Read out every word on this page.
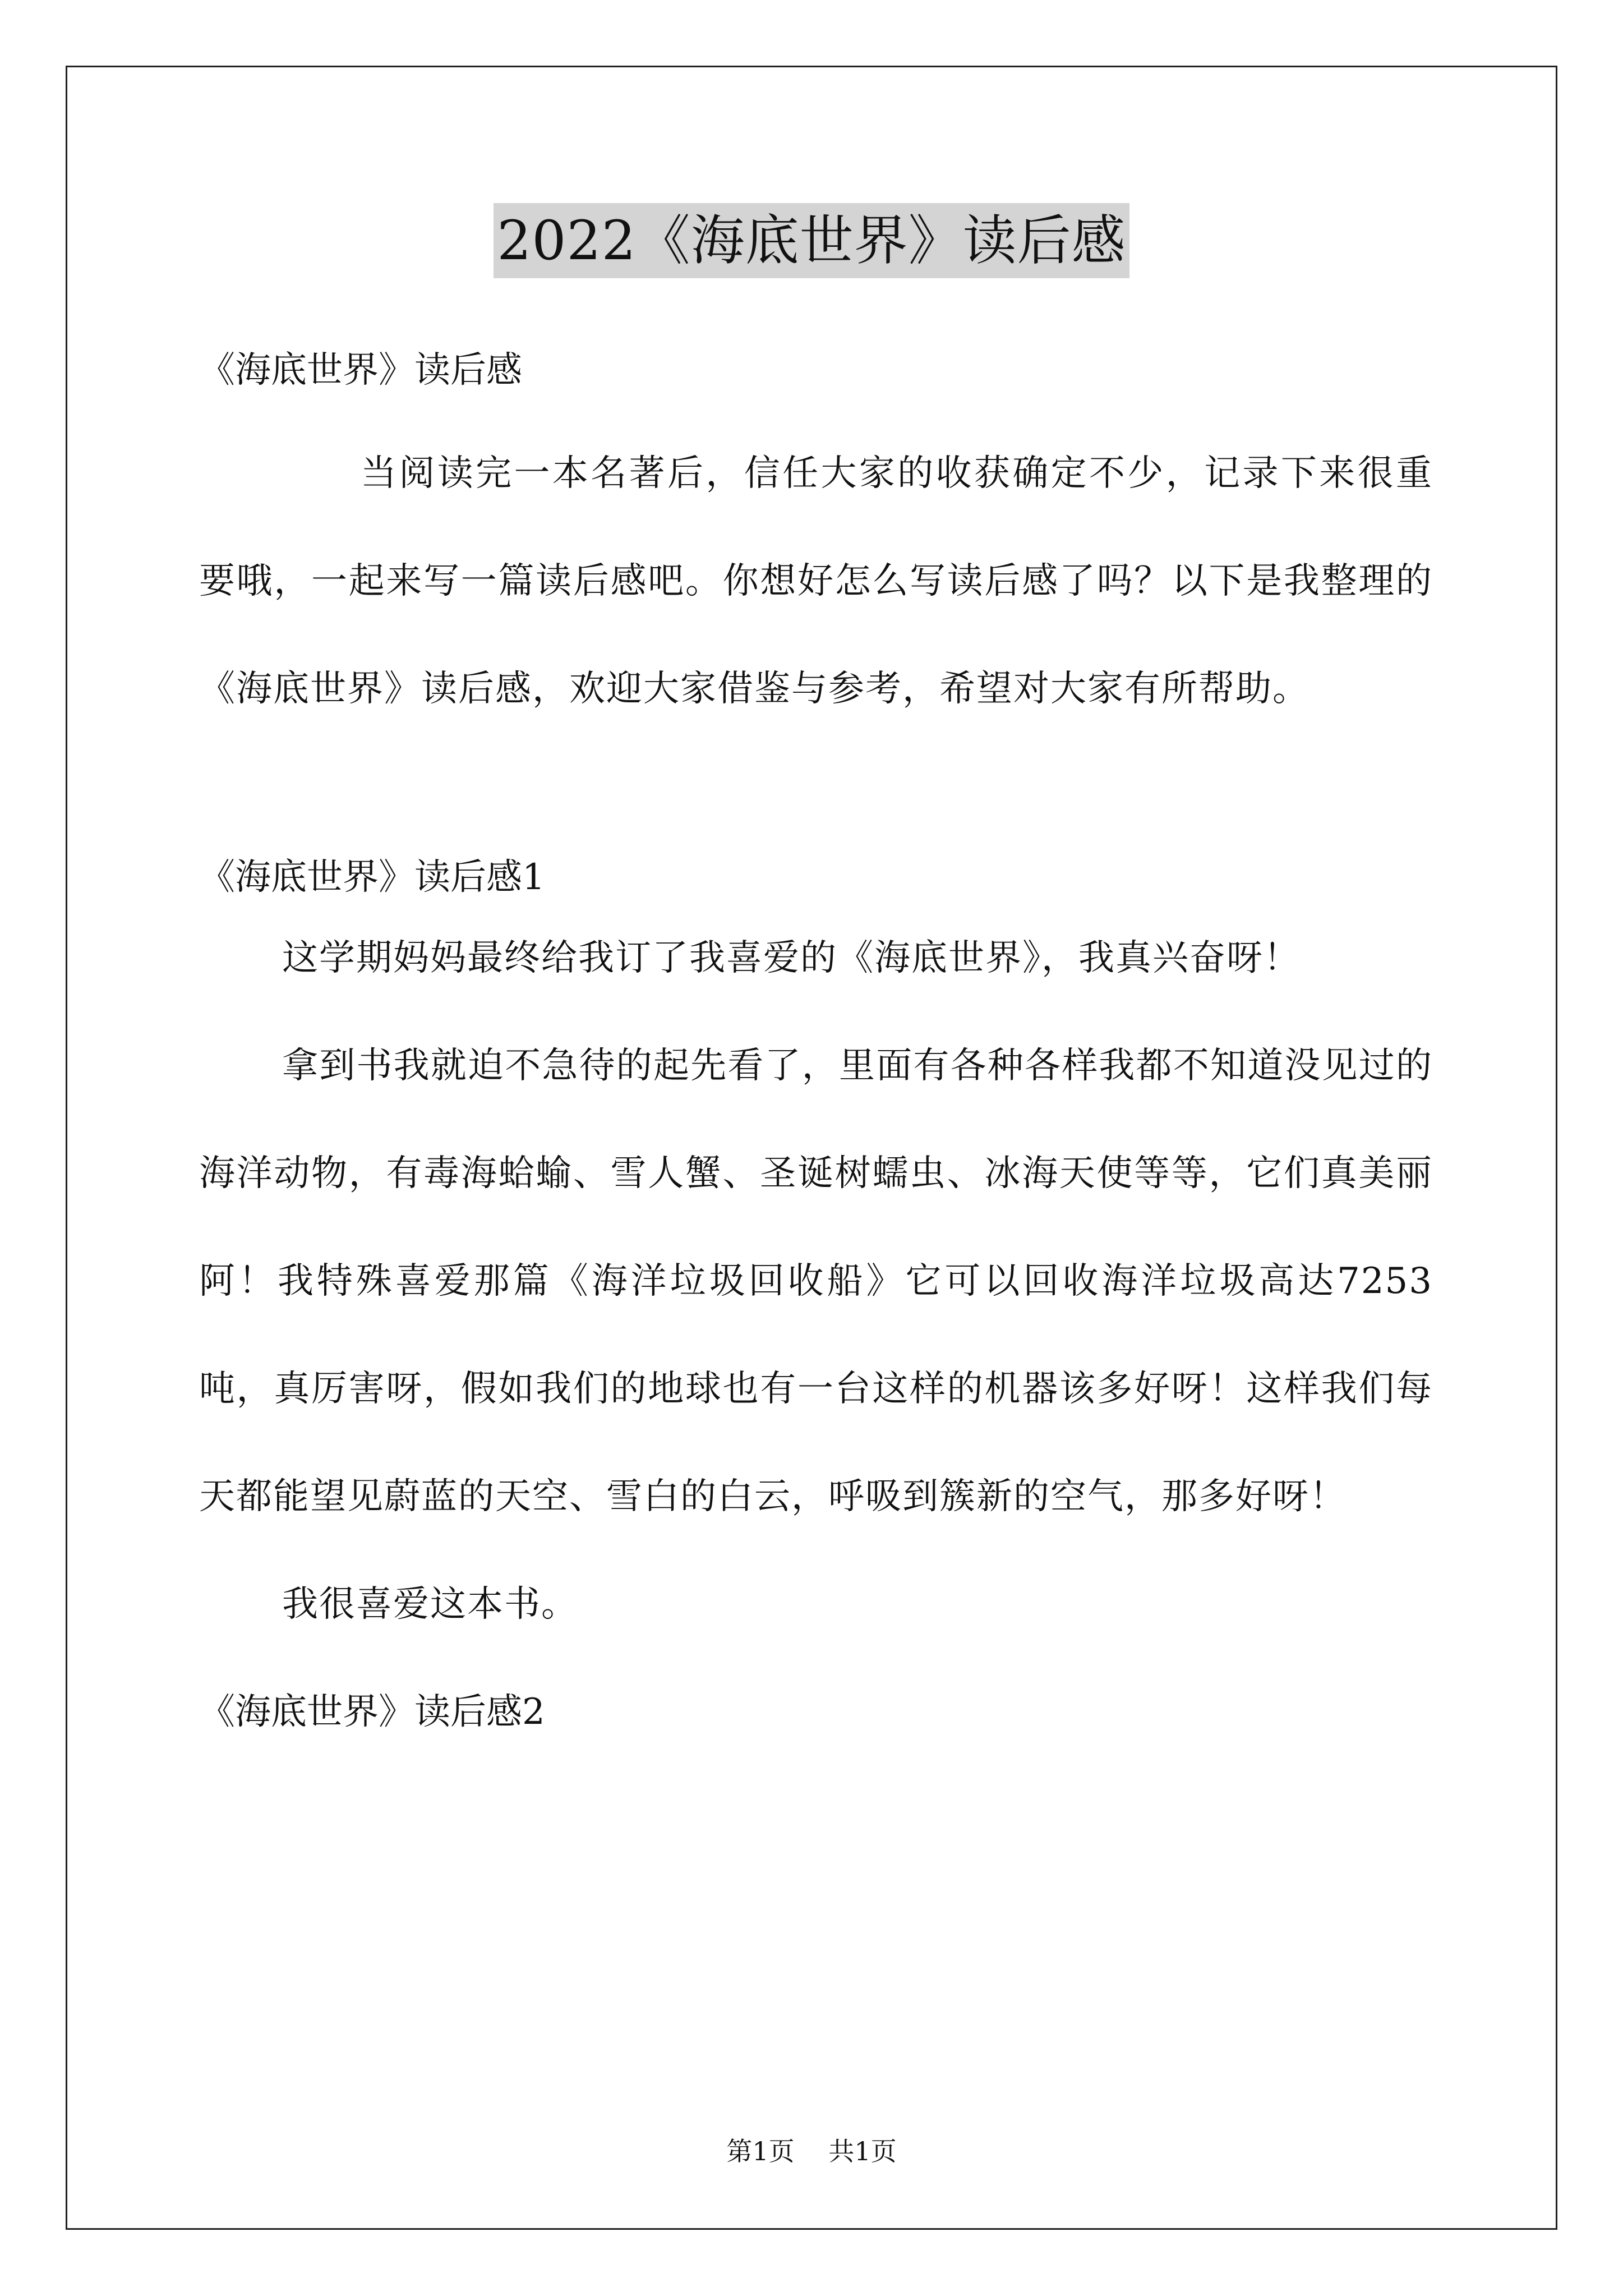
2022《海底世界》读后感
《海底世界》读后感

当阅读完一本名著后，信任大家的收获确定不少，记录下来很重要哦，一起来写一篇读后感吧。你想好怎么写读后感了吗？以下是我整理的《海底世界》读后感，欢迎大家借鉴与参考，希望对大家有所帮助。

《海底世界》读后感1

这学期妈妈最终给我订了我喜爱的《海底世界》，我真兴奋呀！

拿到书我就迫不急待的起先看了，里面有各种各样我都不知道没见过的海洋动物，有毒海蛤蝓、雪人蟹、圣诞树蠕虫、冰海天使等等，它们真美丽阿！我特殊喜爱那篇《海洋垃圾回收船》它可以回收海洋垃圾高达7253吨，真厉害呀，假如我们的地球也有一台这样的机器该多好呀！这样我们每天都能望见蔚蓝的天空、雪白的白云，呼吸到簇新的空气，那多好呀！

我很喜爱这本书。

《海底世界》读后感2
第1页 共1页
